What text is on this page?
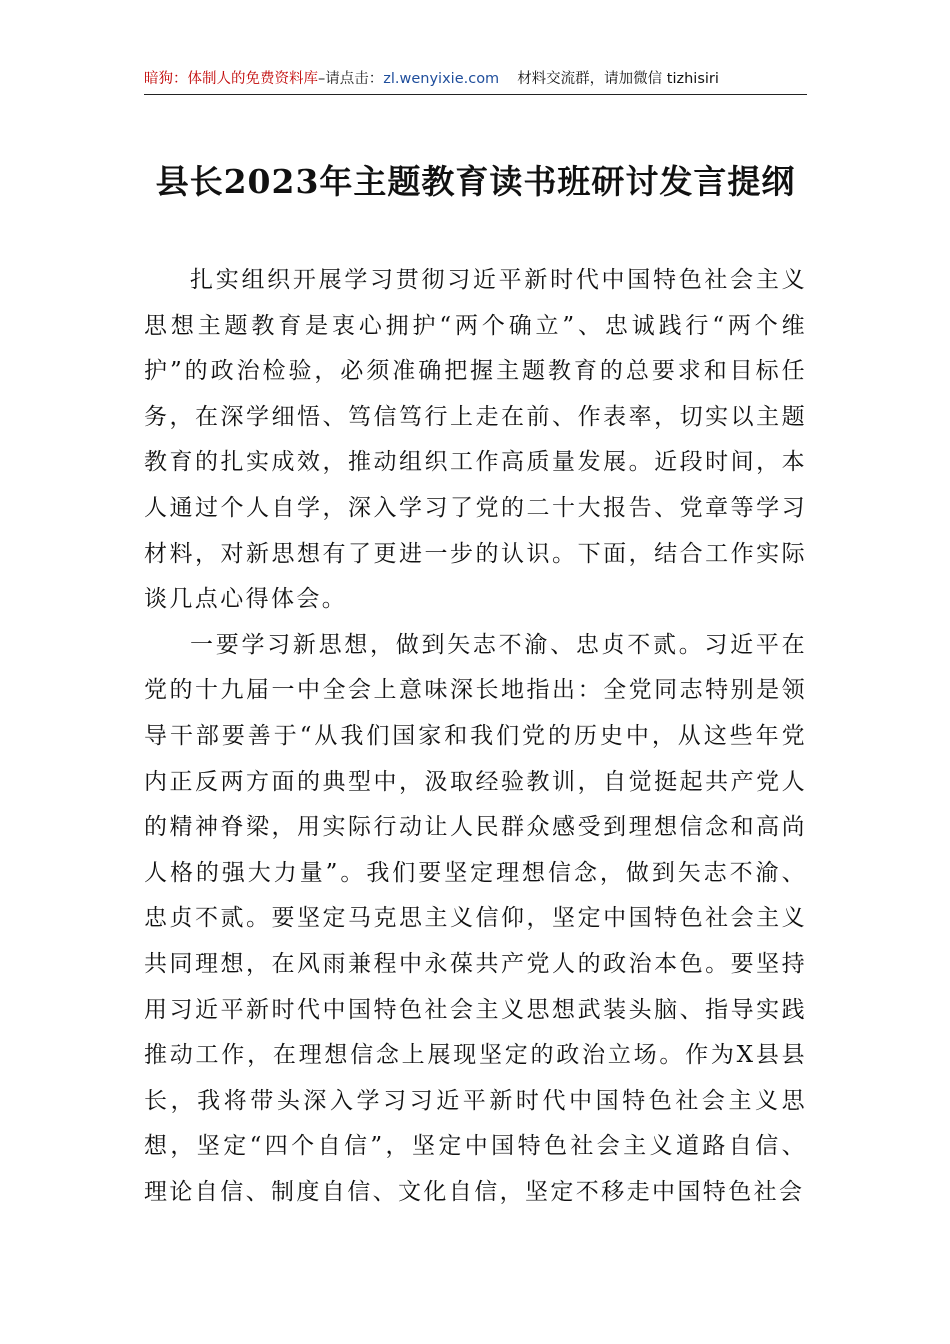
暗狗：体制人的免费资料库 –请点击： zl.wenyixie.com 材料交流群，请加微信 tizhisiri
县长2023年主题教育读书班研讨发言提纲

扎实组织开展学习贯彻习近平新时代中国特色社会主义思想主题教育是衷心拥护“两个确立”、忠诚践行“两个维护”的政治检验，必须准确把握主题教育的总要求和目标任务，在深学细悟、笃信笃行上走在前、作表率，切实以主题教育的扎实成效，推动组织工作高质量发展。近段时间，本人通过个人自学，深入学习了党的二十大报告、党章等学习材料，对新思想有了更进一步的认识。下面，结合工作实际谈几点心得体会。

一要学习新思想，做到矢志不渝、忠贞不贰。习近平在党的十九届一中全会上意味深长地指出：全党同志特别是领导干部要善于“从我们国家和我们党的历史中，从这些年党内正反两方面的典型中，汲取经验教训，自觉挺起共产党人的精神脊梁，用实际行动让人民群众感受到理想信念和高尚人格的强大力量”。我们要坚定理想信念，做到矢志不渝、忠贞不贰。要坚定马克思主义信仰，坚定中国特色社会主义共同理想，在风雨兼程中永葆共产党人的政治本色。要坚持用习近平新时代中国特色社会主义思想武装头脑、指导实践推动工作，在理想信念上展现坚定的政治立场。作为X县县长，我将带头深入学习习近平新时代中国特色社会主义思想，坚定“四个自信”，坚定中国特色社会主义道路自信、理论自信、制度自信、文化自信，坚定不移走中国特色社会
